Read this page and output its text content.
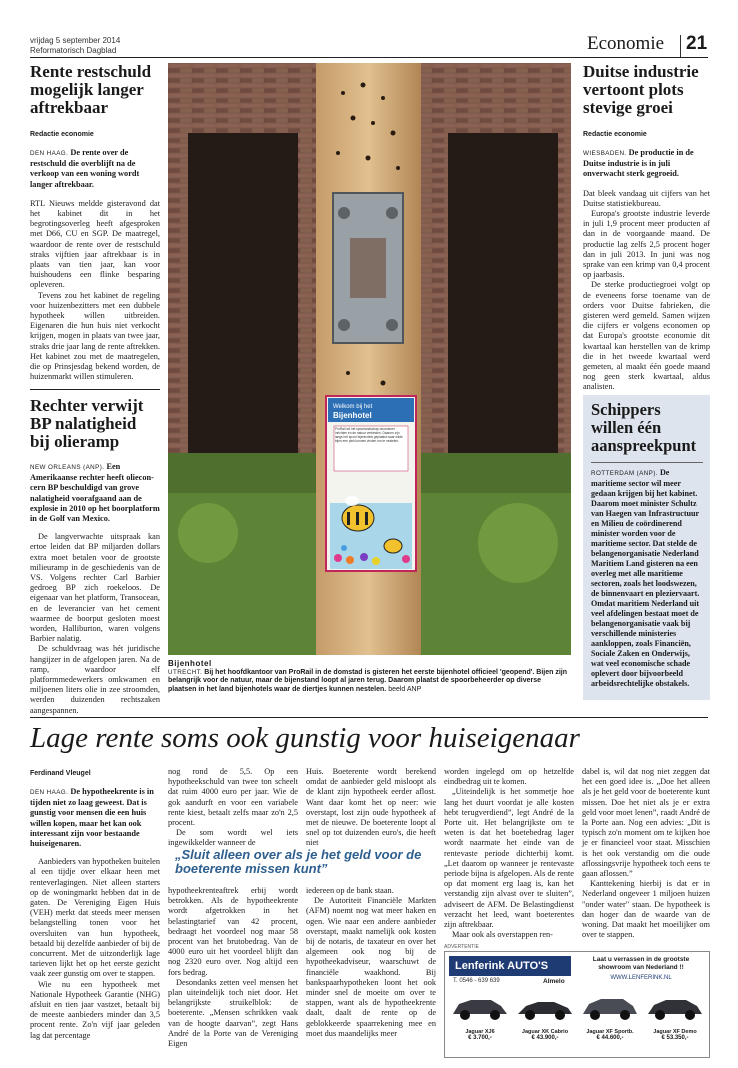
vrijdag 5 september 2014
Reformatorisch Dagblad	Economie 21
Rente restschuld mogelijk langer aftrekbaar
Redactie economie
DEN HAAG. De rente over de restschuld die overblijft na de verkoop van een woning wordt langer aftrekbaar.

RTL Nieuws meldde gisteravond dat het kabinet dit in het begrotingsoverleg heeft afgesproken met D66, CU en SGP. De maatregel, waardoor de rente over de restschuld straks vijftien jaar aftrekbaar is in plaats van tien jaar, kan voor huishoudens een flinke besparing opleveren.

Tevens zou het kabinet de regeling voor huizenbezitters met een dubbele hypotheek willen uitbreiden. Eigenaren die hun huis niet verkocht krijgen, mogen in plaats van twee jaar, straks drie jaar lang de rente aftrekken. Het kabinet zou met de maatregelen, die op Prinsjesdag bekend worden, de huizenmarkt willen stimuleren.

Rechter verwijt BP nalatigheid bij olieramp
NEW ORLEANS (ANP). Een Amerikaanse rechter heeft olieconcern BP beschuldigd van grove nalatigheid voorafgaand aan de explosie in 2010 op het boorplatform in de Golf van Mexico.

De langverwachte uitspraak kan ertoe leiden dat BP miljarden dollars extra moet betalen voor de grootste milieuramp in de geschiedenis van de VS. Volgens rechter Carl Barbier gedroeg BP zich roekeloos. De eigenaar van het platform, Transocean, en de leverancier van het cement waarmee de boorput gesloten moest worden, Halliburton, waren volgens Barbier nalatig.

De schuldvraag was hét juridische hangijzer in de afgelopen jaren. Na de ramp, waardoor elf platformmedewerkers omkwamen en miljoenen liters olie in zee stroomden, werden duizenden rechtszaken aangespannen.

Welkom bij het
Bijenhotel
ProRail wil het spoorlandschap duurzamer inrichten en de natuur verbinden. Daarom zijn langs het spoor bijenhotels geplaatst waar wilde bijen een plek kunnen vinden om te nestelen.
Bijenhotel
UTRECHT. Bij het hoofdkantoor van ProRail in de domstad is gisteren het eerste bijenhotel officieel 'geopend'. Bijen zijn belangrijk voor de natuur, maar de bijenstand loopt al jaren terug. Daarom plaatst de spoorbeheerder op diverse plaatsen in het land bijenhotels waar de diertjes kunnen nestelen. beeld ANP
Duitse industrie vertoont plots stevige groei
Redactie economie
WIESBADEN. De productie in de Duitse industrie is in juli onverwacht sterk gegroeid.

Dat bleek vandaag uit cijfers van het Duitse statistiekbureau.

Europa's grootste industrie leverde in juli 1,9 procent meer producten af dan in de voorgaande maand. De productie lag zelfs 2,5 procent hoger dan in juli 2013. In juni was nog sprake van een krimp van 0,4 procent op jaarbasis.

De sterke productiegroei volgt op de eveneens forse toename van de orders voor Duitse fabrieken, die gisteren werd gemeld. Samen wijzen die cijfers er volgens economen op dat Europa's grootste economie dit kwartaal kan herstellen van de krimp die in het tweede kwartaal werd gemeten, al maakt één goede maand nog geen sterk kwartaal, aldus analisten.

Schippers willen één aanspreekpunt
ROTTERDAM (ANP). De maritieme sector wil meer gedaan krijgen bij het kabinet. Daarom moet minister Schultz van Haegen van Infrastructuur en Milieu de coördinerend minister worden voor de maritieme sector. Dat stelde de belangenorganisatie Nederland Maritiem Land gisteren na een overleg met alle maritieme sectoren, zoals het loodswezen, de binnenvaart en pleziervaart. Omdat maritiem Nederland uit veel afdelingen bestaat moet de belangenorganisatie vaak bij verschillende ministeries aankloppen, zoals Financiën, Sociale Zaken en Onderwijs, wat veel economische schade oplevert door bijvoorbeeld arbeidsrechtelijke obstakels.
Lage rente soms ook gunstig voor huiseigenaar
Ferdinand Vleugel
DEN HAAG. De hypotheekrente is in tijden niet zo laag geweest. Dat is gunstig voor mensen die een huis willen kopen, maar het kan ook interessant zijn voor bestaande huiseigenaren.

Aanbieders van hypotheken buitelen al een tijdje over elkaar heen met renteverlagingen. Niet alleen starters op de woningmarkt hebben dat in de gaten. De Vereniging Eigen Huis (VEH) merkt dat steeds meer mensen belangstelling tonen voor het oversluiten van hun hypotheek, betaald bij dezelfde aanbieder of bij de concurrent. Met de uitzonderlijk lage tarieven lijkt het op het eerste gezicht vaak zeer gunstig om over te stappen.

Wie nu een hypotheek met Nationale Hypotheek Garantie (NHG) afsluit en tien jaar vastzet, betaalt bij de meeste aanbieders minder dan 3,5 procent rente. Zo'n vijf jaar geleden lag dat percentage

nog rond de 5,5. Op een hypotheekschuld van twee ton scheelt dat ruim 4000 euro per jaar. Wie de gok aandurft en voor een variabele rente kiest, betaalt zelfs maar zo'n 2,5 procent.

De som wordt wel iets ingewikkelder wanneer de

„Sluit alleen over als je het geld voor de boeterente missen kunt”

hypotheekrenteaftrek erbij wordt betrokken. Als de hypotheekrente wordt afgetrokken in het belastingtarief van 42 procent, bedraagt het voordeel nog maar 58 procent van het brutobedrag. Van de 4000 euro uit het voordeel blijft dan nog 2320 euro over. Nog altijd een fors bedrag.

Desondanks zetten veel mensen het plan uiteindelijk toch niet door. Het belangrijkste struikelblok: de boeterente. „Mensen schrikken vaak van de hoogte daarvan”, zegt Hans André de la Porte van de Vereniging Eigen

Huis. Boeterente wordt berekend omdat de aanbieder geld misloopt als de klant zijn hypotheek eerder aflost. Want daar komt het op neer: wie overstapt, lost zijn oude hypotheek af met de nieuwe. De boeterente loopt al snel op tot duizenden euro's, die heeft niet

iedereen op de bank staan.

De Autoriteit Financiële Markten (AFM) noemt nog wat meer haken en ogen. Wie naar een andere aanbieder overstapt, maakt namelijk ook kosten bij de notaris, de taxateur en over het algemeen ook nog bij de hypotheekadviseur, waarschuwt de financiële waakhond. Bij bankspaarhypotheken loont het ook minder snel de moeite om over te stappen, want als de hypotheekrente daalt, daalt de rente op de geblokkeerde spaarrekening mee en moet dus maandelijks meer

worden ingelegd om op hetzelfde eindbedrag uit te komen.

„Uiteindelijk is het sommetje hoe lang het duurt voordat je alle kosten hebt terugverdiend”, legt André de la Porte uit. Het belangrijkste om te weten is dat het boetebedrag lager wordt naarmate het einde van de rentevaste periode dichterbij komt. „Let daarom op wanneer je rentevaste periode bijna is afgelopen. Als de rente op dat moment erg laag is, kan het verstandig zijn alvast over te sluiten”, adviseert de AFM. De Belastingdienst verzacht het leed, want boeterentes zijn aftrekbaar.

Maar ook als overstappen ren-

dabel is, wil dat nog niet zeggen dat het een goed idee is. „Doe het alleen als je het geld voor de boeterente kunt missen. Doe het niet als je er extra geld voor moet lenen”, raadt André de la Porte aan. Nog een advies: „Dit is typisch zo'n moment om te kijken hoe je er financieel voor staat. Misschien is het ook verstandig om die oude aflossingsvrije hypotheek toch eens te gaan aflossen.”

Kanttekening hierbij is dat er in Nederland ongeveer 1 miljoen huizen "onder water" staan. De hypotheek is dan hoger dan de waarde van de woning. Dat maakt het moeilijker om over te stappen.

ADVERTENTIE
Lenferink AUTO'S
T. 0546 - 639 639	Almelo
Laat u verrassen in de grootste showroom van Nederland !!
WWW.LENFERINK.NL
Jaguar XJ6
€ 3.700,-
Jaguar XK Cabrio
€ 43.900,-
Jaguar XF Sportb.
€ 44.600,-
Jaguar XF Demo
€ 53.350,-
